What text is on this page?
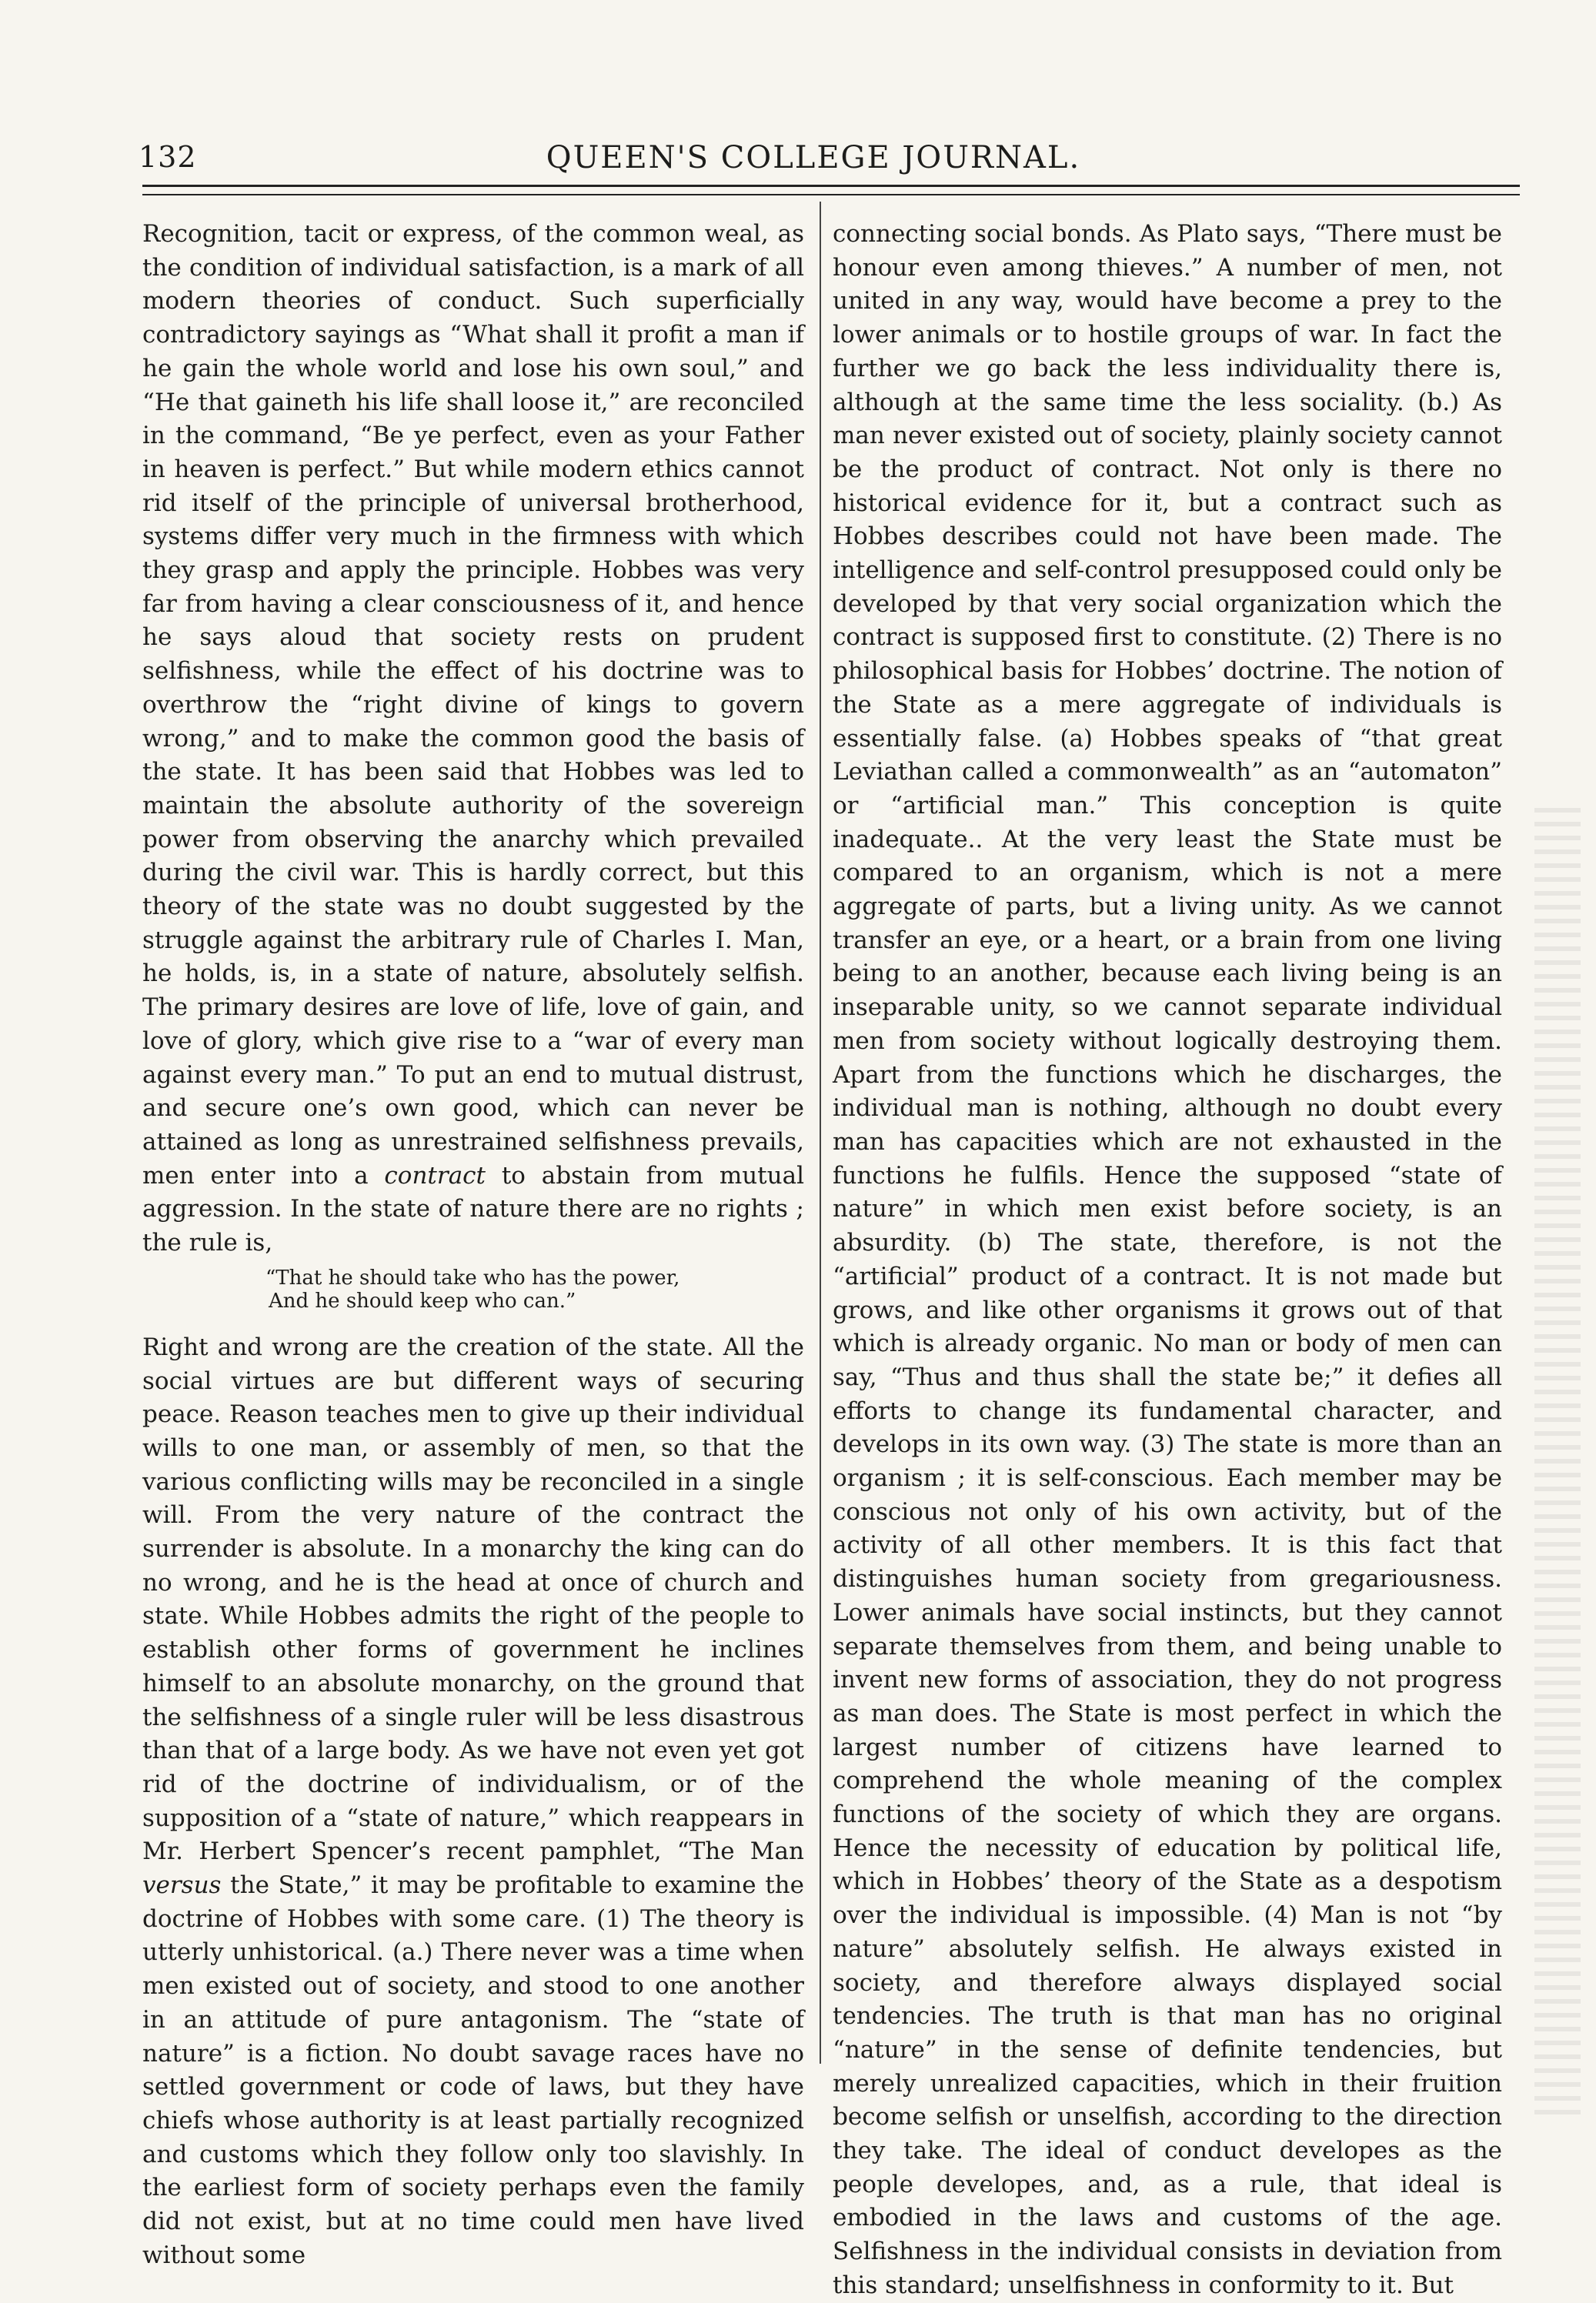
132	QUEEN'S COLLEGE JOURNAL.

Recognition, tacit or express, of the common weal, as the condition of individual satisfaction, is a mark of all modern theories of conduct. Such superficially contradictory sayings as “What shall it profit a man if he gain the whole world and lose his own soul,” and “He that gaineth his life shall loose it,” are reconciled in the command, “Be ye perfect, even as your Father in heaven is perfect.” But while modern ethics cannot rid itself of the principle of universal brotherhood, systems differ very much in the firmness with which they grasp and apply the principle. Hobbes was very far from having a clear consciousness of it, and hence he says aloud that society rests on prudent selfishness, while the effect of his doctrine was to overthrow the “right divine of kings to govern wrong,” and to make the common good the basis of the state. It has been said that Hobbes was led to maintain the absolute authority of the sovereign power from observing the anarchy which prevailed during the civil war. This is hardly correct, but this theory of the state was no doubt suggested by the struggle against the arbitrary rule of Charles I. Man, he holds, is, in a state of nature, absolutely selfish. The primary desires are love of life, love of gain, and love of glory, which give rise to a “war of every man against every man.” To put an end to mutual distrust, and secure one’s own good, which can never be attained as long as unrestrained selfishness prevails, men enter into a contract to abstain from mutual aggression. In the state of nature there are no rights ; the rule is,

“That he should take who has the power,
And he should keep who can.”

Right and wrong are the creation of the state. All the social virtues are but different ways of securing peace. Reason teaches men to give up their individual wills to one man, or assembly of men, so that the various conflicting wills may be reconciled in a single will. From the very nature of the contract the surrender is absolute. In a monarchy the king can do no wrong, and he is the head at once of church and state. While Hobbes admits the right of the people to establish other forms of government he inclines himself to an absolute monarchy, on the ground that the selfishness of a single ruler will be less disastrous than that of a large body. As we have not even yet got rid of the doctrine of individualism, or of the supposition of a “state of nature,” which reappears in Mr. Herbert Spencer’s recent pamphlet, “The Man versus the State,” it may be profitable to examine the doctrine of Hobbes with some care. (1) The theory is utterly unhistorical. (a.) There never was a time when men existed out of society, and stood to one another in an attitude of pure antagonism. The “state of nature” is a fiction. No doubt savage races have no settled government or code of laws, but they have chiefs whose authority is at least partially recognized and customs which they follow only too slavishly. In the earliest form of society perhaps even the family did not exist, but at no time could men have lived without some

connecting social bonds. As Plato says, “There must be honour even among thieves.” A number of men, not united in any way, would have become a prey to the lower animals or to hostile groups of war. In fact the further we go back the less individuality there is, although at the same time the less sociality. (b.) As man never existed out of society, plainly society cannot be the product of contract. Not only is there no historical evidence for it, but a contract such as Hobbes describes could not have been made. The intelligence and self-control presupposed could only be developed by that very social organization which the contract is supposed first to constitute. (2) There is no philosophical basis for Hobbes’ doctrine. The notion of the State as a mere aggregate of individuals is essentially false. (a) Hobbes speaks of “that great Leviathan called a commonwealth” as an “automaton” or “artificial man.” This conception is quite inadequate.. At the very least the State must be compared to an organism, which is not a mere aggregate of parts, but a living unity. As we cannot transfer an eye, or a heart, or a brain from one living being to an another, because each living being is an inseparable unity, so we cannot separate individual men from society without logically destroying them. Apart from the functions which he discharges, the individual man is nothing, although no doubt every man has capacities which are not exhausted in the functions he fulfils. Hence the supposed “state of nature” in which men exist before society, is an absurdity. (b) The state, therefore, is not the “artificial” product of a contract. It is not made but grows, and like other organisms it grows out of that which is already organic. No man or body of men can say, “Thus and thus shall the state be;” it defies all efforts to change its fundamental character, and develops in its own way. (3) The state is more than an organism ; it is self-conscious. Each member may be conscious not only of his own activity, but of the activity of all other members. It is this fact that distinguishes human society from gregariousness. Lower animals have social instincts, but they cannot separate themselves from them, and being unable to invent new forms of association, they do not progress as man does. The State is most perfect in which the largest number of citizens have learned to comprehend the whole meaning of the complex functions of the society of which they are organs. Hence the necessity of education by political life, which in Hobbes’ theory of the State as a despotism over the individual is impossible. (4) Man is not “by nature” absolutely selfish. He always existed in society, and therefore always displayed social tendencies. The truth is that man has no original “nature” in the sense of definite tendencies, but merely unrealized capacities, which in their fruition become selfish or unselfish, according to the direction they take. The ideal of conduct developes as the people developes, and, as a rule, that ideal is embodied in the laws and customs of the age. Selfishness in the individual consists in deviation from this standard; unselfishness in conformity to it. But
